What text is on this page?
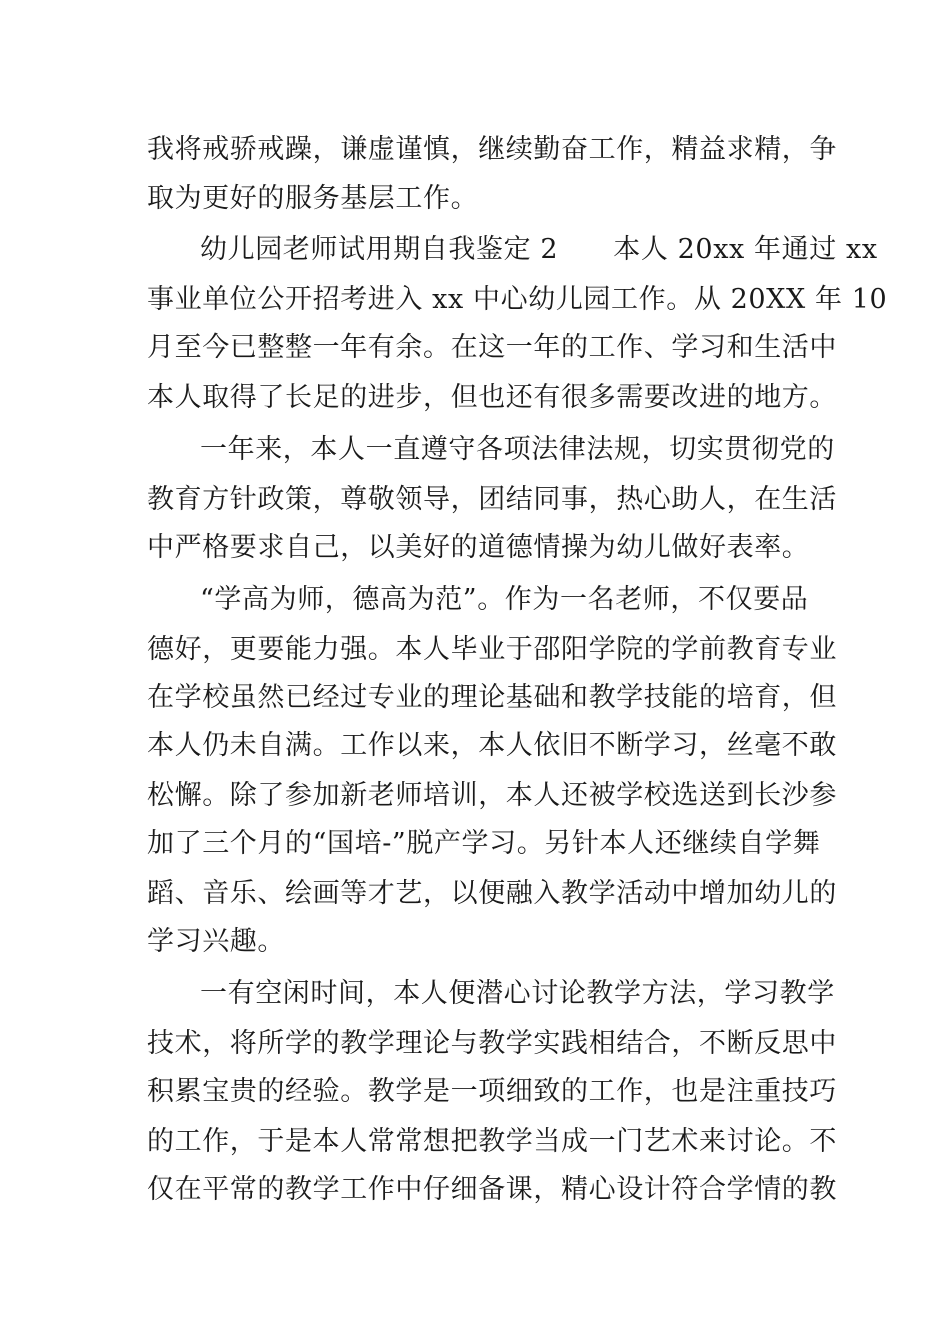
我将戒骄戒躁，谦虚谨慎，继续勤奋工作，精益求精，争
取为更好的服务基层工作。
幼儿园老师试用期自我鉴定 2      本人 20xx 年通过 xx
事业单位公开招考进入 xx 中心幼儿园工作。从 20XX 年 10
月至今已整整一年有余。在这一年的工作、学习和生活中
本人取得了长足的进步，但也还有很多需要改进的地方。
一年来，本人一直遵守各项法律法规，切实贯彻党的
教育方针政策，尊敬领导，团结同事，热心助人，在生活
中严格要求自己，以美好的道德情操为幼儿做好表率。
“学高为师，德高为范”。作为一名老师，不仅要品
德好，更要能力强。本人毕业于邵阳学院的学前教育专业
在学校虽然已经过专业的理论基础和教学技能的培育，但
本人仍未自满。工作以来，本人依旧不断学习，丝毫不敢
松懈。除了参加新老师培训，本人还被学校选送到长沙参
加了三个月的“国培-”脱产学习。另针本人还继续自学舞
蹈、音乐、绘画等才艺，以便融入教学活动中增加幼儿的
学习兴趣。
一有空闲时间，本人便潜心讨论教学方法，学习教学
技术，将所学的教学理论与教学实践相结合，不断反思中
积累宝贵的经验。教学是一项细致的工作，也是注重技巧
的工作，于是本人常常想把教学当成一门艺术来讨论。不
仅在平常的教学工作中仔细备课，精心设计符合学情的教
